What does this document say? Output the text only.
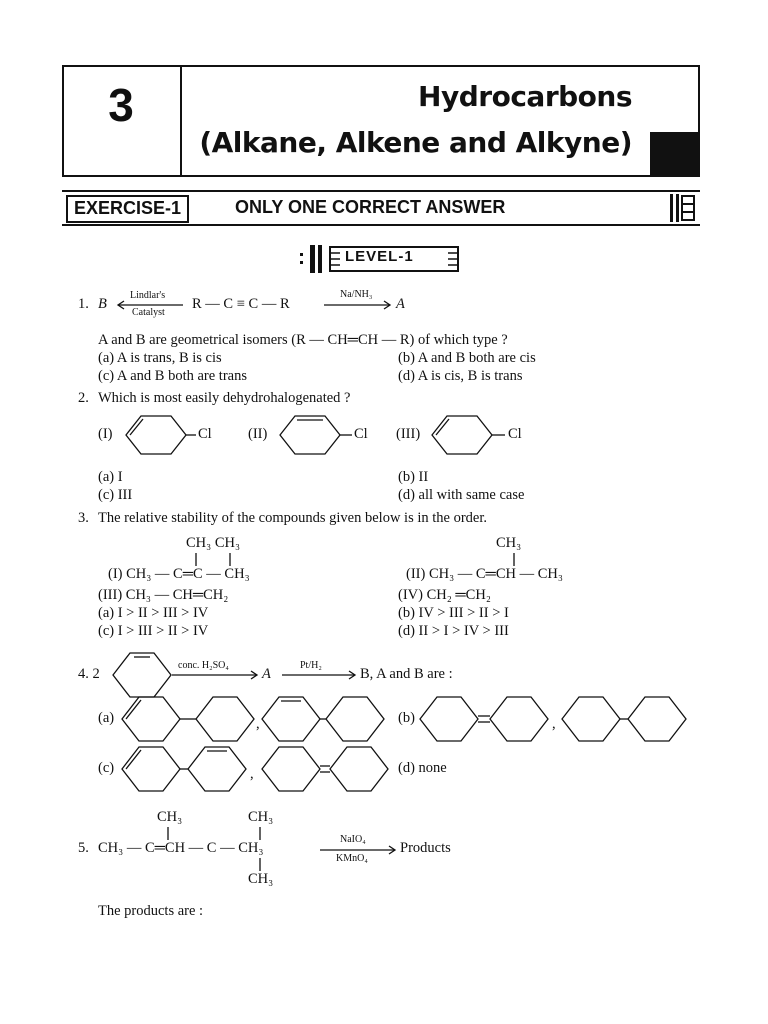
3	Hydrocarbons
(Alkane, Alkene and Alkyne)
EXERCISE-1	ONLY ONE CORRECT ANSWER
LEVEL-1
1. B
Lindlar's
Catalyst
R — C ≡ C — R
Na/NH₃
A
A and B are geometrical isomers (R — CH═CH — R) of which type ?
(a) A is trans, B is cis	(b) A and B both are cis
(c) A and B both are trans	(d) A is cis, B is trans
2. Which is most easily dehydrohalogenated ?
(I)	Cl	(II)	Cl (III)	Cl
(a) I	(b) II
(c) III	(d) all with same case
3. The relative stability of the compounds given below is in the order.
CH₃ CH₃
(I) CH₃ — C═C — CH₃
CH₃
(II) CH₃ — C═CH — CH₃
(III) CH₃ — CH═CH₂	(IV) CH₂ ═CH₂
(a) I > II > III > IV	(b) IV > III > II > I
(c) I > III > II > IV	(d) II > I > IV > III
4. 2
conc. H₂SO₄
A
Pt/H₂
B, A and B are :
(a)	,	(b)	,
(c)	,	(d) none
CH₃	CH₃
5. CH₃ — C═CH — C — CH₃
CH₃
NaIO₄
KMnO₄
Products
The products are :
